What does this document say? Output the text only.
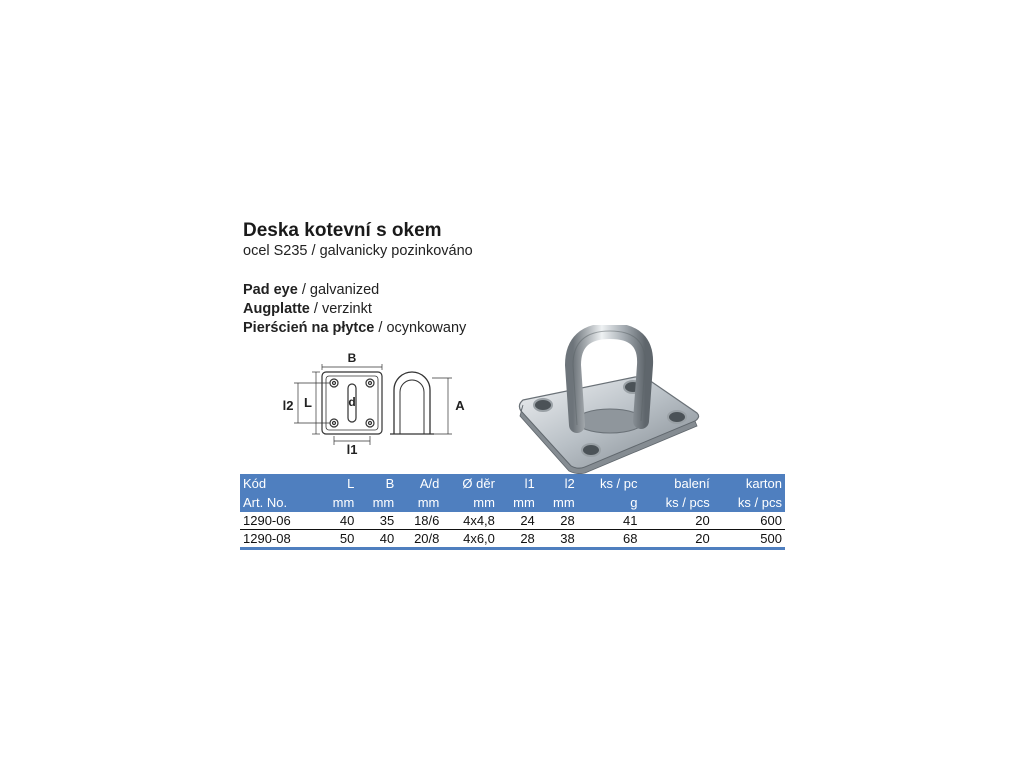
Deska kotevní s okem
ocel S235 / galvanicky pozinkováno
Pad eye / galvanized
Augplatte / verzinkt
Pierścień na płytce / ocynkowany
B
L
l2	d
l1
A
Kód	L	B	A/d	Ø děr	l1	l2	ks / pc	balení	karton
Art. No.	mm	mm	mm	mm	mm	mm	g	ks / pcs	ks / pcs
1290-06	40	35	18/6	4x4,8	24	28	41	20	600
1290-08	50	40	20/8	4x6,0	28	38	68	20	500
